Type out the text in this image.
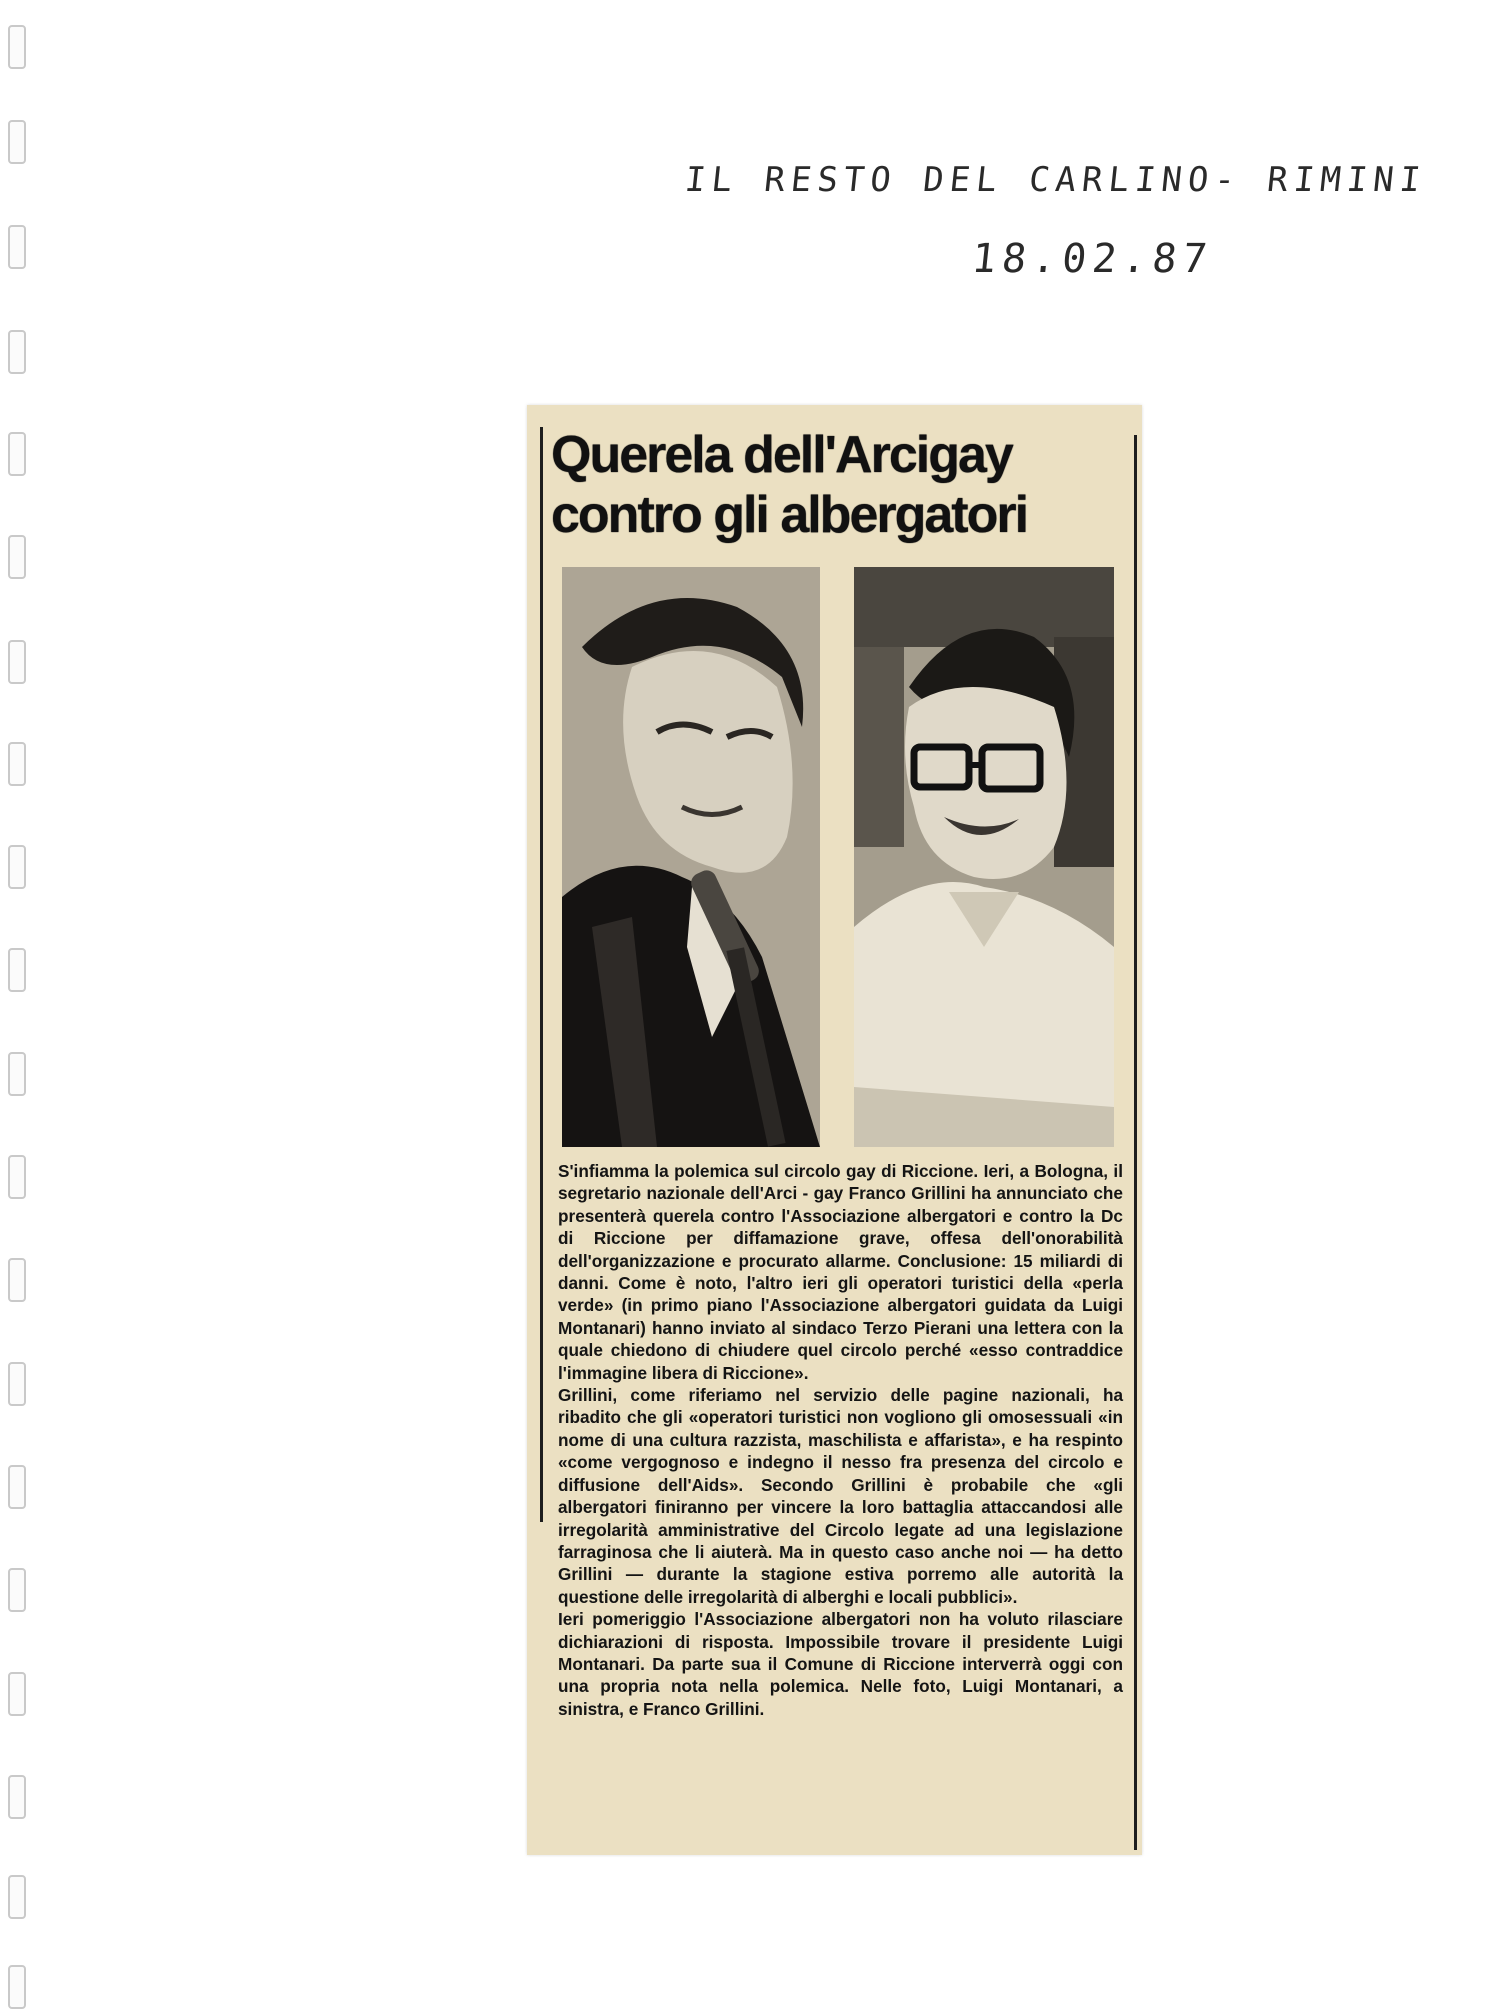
IL RESTO DEL CARLINO- RIMINI
18.02.87
Querela dell'Arcigay contro gli albergatori

S'infiamma la polemica sul circolo gay di Riccione. Ieri, a Bologna, il segretario nazionale dell'Arci - gay Franco Grillini ha annunciato che presenterà querela contro l'Associazione albergatori e contro la Dc di Riccione per diffamazione grave, offesa dell'onorabilità dell'organizzazione e procurato allarme. Conclusione: 15 miliardi di danni. Come è noto, l'altro ieri gli operatori turistici della «perla verde» (in primo piano l'Associazione albergatori guidata da Luigi Montanari) hanno inviato al sindaco Terzo Pierani una lettera con la quale chiedono di chiudere quel circolo perché «esso contraddice l'immagine libera di Riccione».

Grillini, come riferiamo nel servizio delle pagine nazionali, ha ribadito che gli «operatori turistici non vogliono gli omosessuali «in nome di una cultura razzista, maschilista e affarista», e ha respinto «come vergognoso e indegno il nesso fra presenza del circolo e diffusione dell'Aids». Secondo Grillini è probabile che «gli albergatori finiranno per vincere la loro battaglia attaccandosi alle irregolarità amministrative del Circolo legate ad una legislazione farraginosa che li aiuterà. Ma in questo caso anche noi — ha detto Grillini — durante la stagione estiva porremo alle autorità la questione delle irregolarità di alberghi e locali pubblici».

Ieri pomeriggio l'Associazione albergatori non ha voluto rilasciare dichiarazioni di risposta. Impossibile trovare il presidente Luigi Montanari. Da parte sua il Comune di Riccione interverrà oggi con una propria nota nella polemica. Nelle foto, Luigi Montanari, a sinistra, e Franco Grillini.
